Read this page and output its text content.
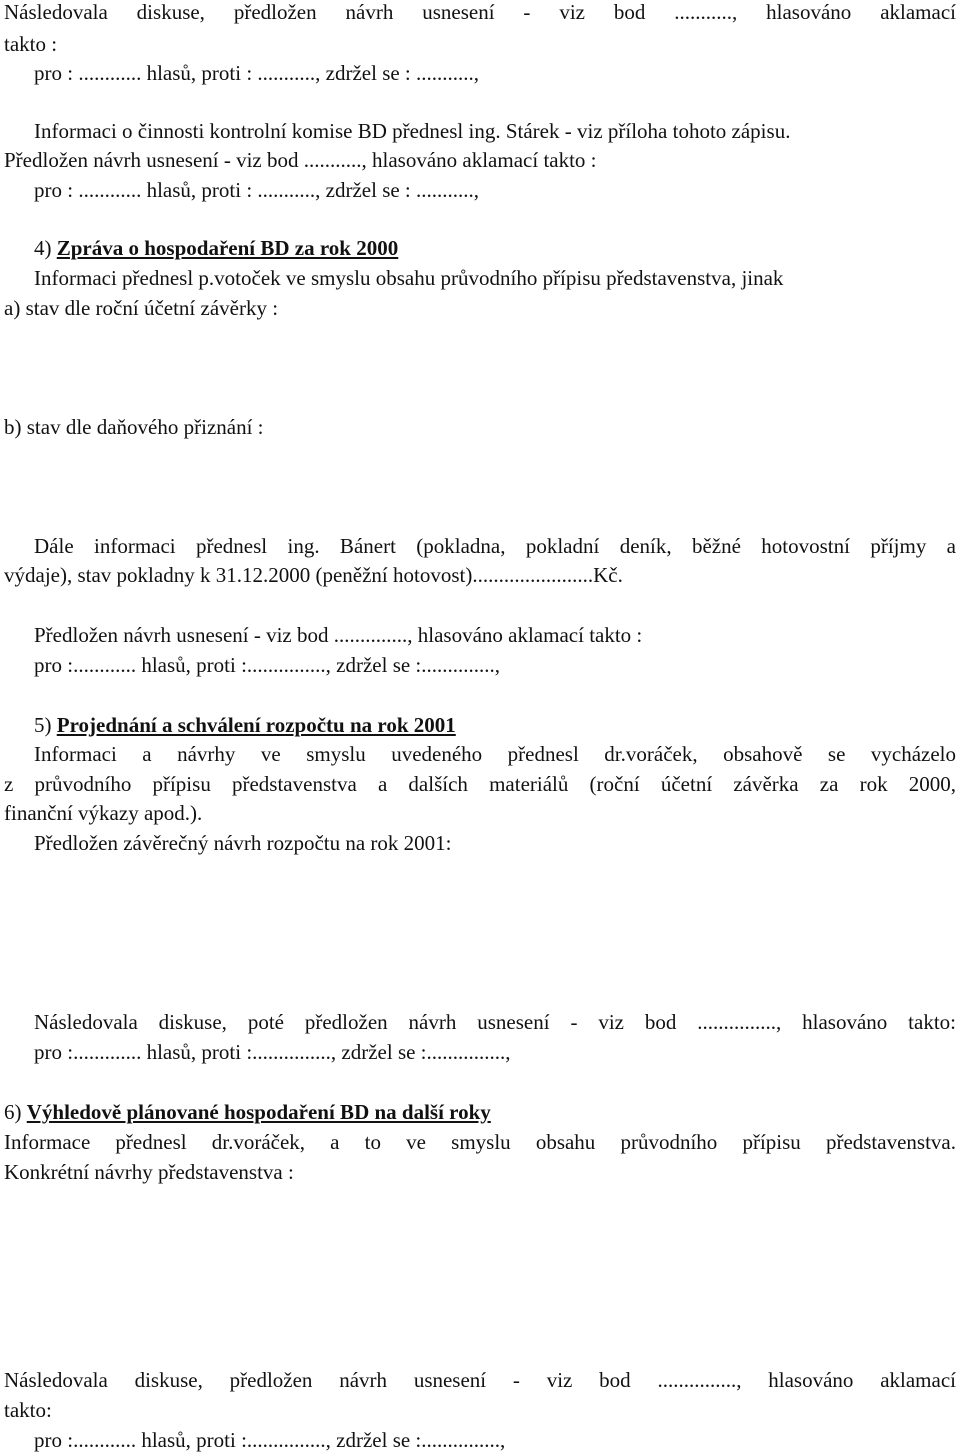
Následovala diskuse, předložen návrh usnesení - viz bod ..........., hlasováno aklamací
takto :
pro : ............ hlasů, proti : ..........., zdržel se : ...........,
Informaci o činnosti kontrolní komise BD přednesl ing. Stárek - viz příloha tohoto zápisu.
Předložen návrh usnesení - viz bod ..........., hlasováno aklamací takto :
pro : ............ hlasů, proti : ..........., zdržel se : ...........,
4) Zpráva o hospodaření BD za rok 2000
Informaci přednesl p.votoček ve smyslu obsahu průvodního přípisu představenstva, jinak
a) stav dle roční účetní závěrky :
b) stav dle daňového přiznání :
Dále informaci přednesl ing. Bánert (pokladna, pokladní deník, běžné hotovostní příjmy a
výdaje), stav pokladny k 31.12.2000 (peněžní hotovost).......................Kč.
Předložen návrh usnesení - viz bod .............., hlasováno aklamací takto :
pro :............ hlasů, proti :..............., zdržel se :..............,
5) Projednání a schválení rozpočtu na rok 2001
Informaci a návrhy ve smyslu uvedeného přednesl dr.voráček, obsahově se vycházelo
z průvodního přípisu představenstva a dalších materiálů (roční účetní závěrka za rok 2000,
finanční výkazy apod.).
Předložen závěrečný návrh rozpočtu na rok 2001:
Následovala diskuse, poté předložen návrh usnesení - viz bod ..............., hlasováno takto:
pro :............. hlasů, proti :..............., zdržel se :...............,
6) Výhledově plánované hospodaření BD na další roky
Informace přednesl dr.voráček, a to ve smyslu obsahu průvodního přípisu představenstva.
Konkrétní návrhy představenstva :
Následovala diskuse, předložen návrh usnesení - viz bod ..............., hlasováno aklamací
takto:
pro :............ hlasů, proti :..............., zdržel se :...............,
